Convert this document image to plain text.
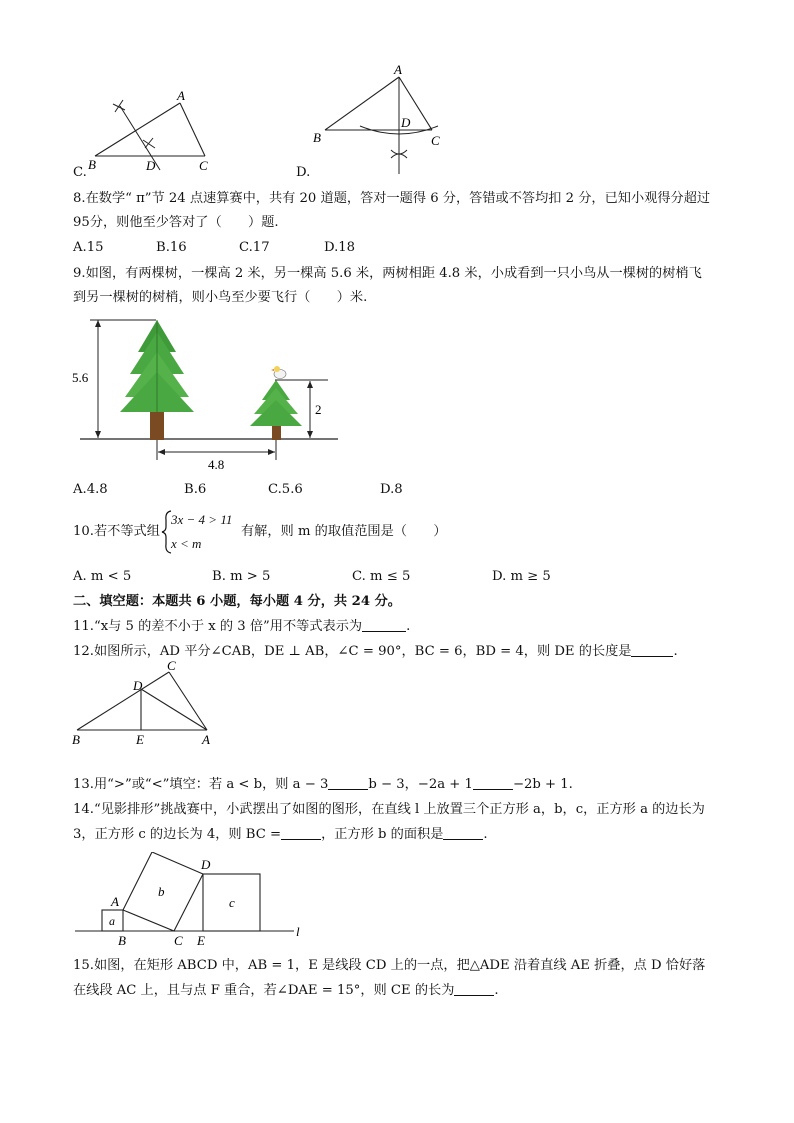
C.
A
B	D	C	D.
A
B
D
C
8.在数学“ π”节 24 点速算赛中，共有 20 道题，答对一题得 6 分，答错或不答均扣 2 分，已知小观得分超过
95分，则他至少答对了（　　）题.
A.15	B.16	C.17	D.18
9.如图，有两棵树，一棵高 2 米，另一棵高 5.6 米，两树相距 4.8 米，小成看到一只小鸟从一棵树的树梢飞
到另一棵树的树梢，则小鸟至少要飞行（　　）米.
5.6
2
4.8
A.4.8	B.6	C.5.6	D.8
10.若不等式组
3x − 4 > 11
x < m
有解，则 m 的取值范围是（　　）
A. m < 5	B. m > 5	C. m ≤ 5	D. m ≥ 5
二、填空题：本题共 6 小题，每小题 4 分，共 24 分。
11.“x与 5 的差不小于 x 的 3 倍”用不等式表示为	.
12.如图所示，AD 平分∠CAB，DE ⊥ AB，∠C = 90°，BC = 6，BD = 4，则 DE 的长度是	.
C
D
B	E	A
13.用“>”或“<”填空：若 a < b，则 a − 3	b − 3，−2a + 1	−2b + 1.
14.“见影排形”挑战赛中，小武摆出了如图的图形，在直线 l 上放置三个正方形 a，b，c，正方形 a 的边长为
3，正方形 c 的边长为 4，则 BC =	，正方形 b 的面积是	.
l
a
b
c
A
B	C
D
E
15.如图，在矩形 ABCD 中，AB = 1，E 是线段 CD 上的一点，把△ADE 沿着直线 AE 折叠，点 D 恰好落
在线段 AC 上，且与点 F 重合，若∠DAE = 15°，则 CE 的长为	.
